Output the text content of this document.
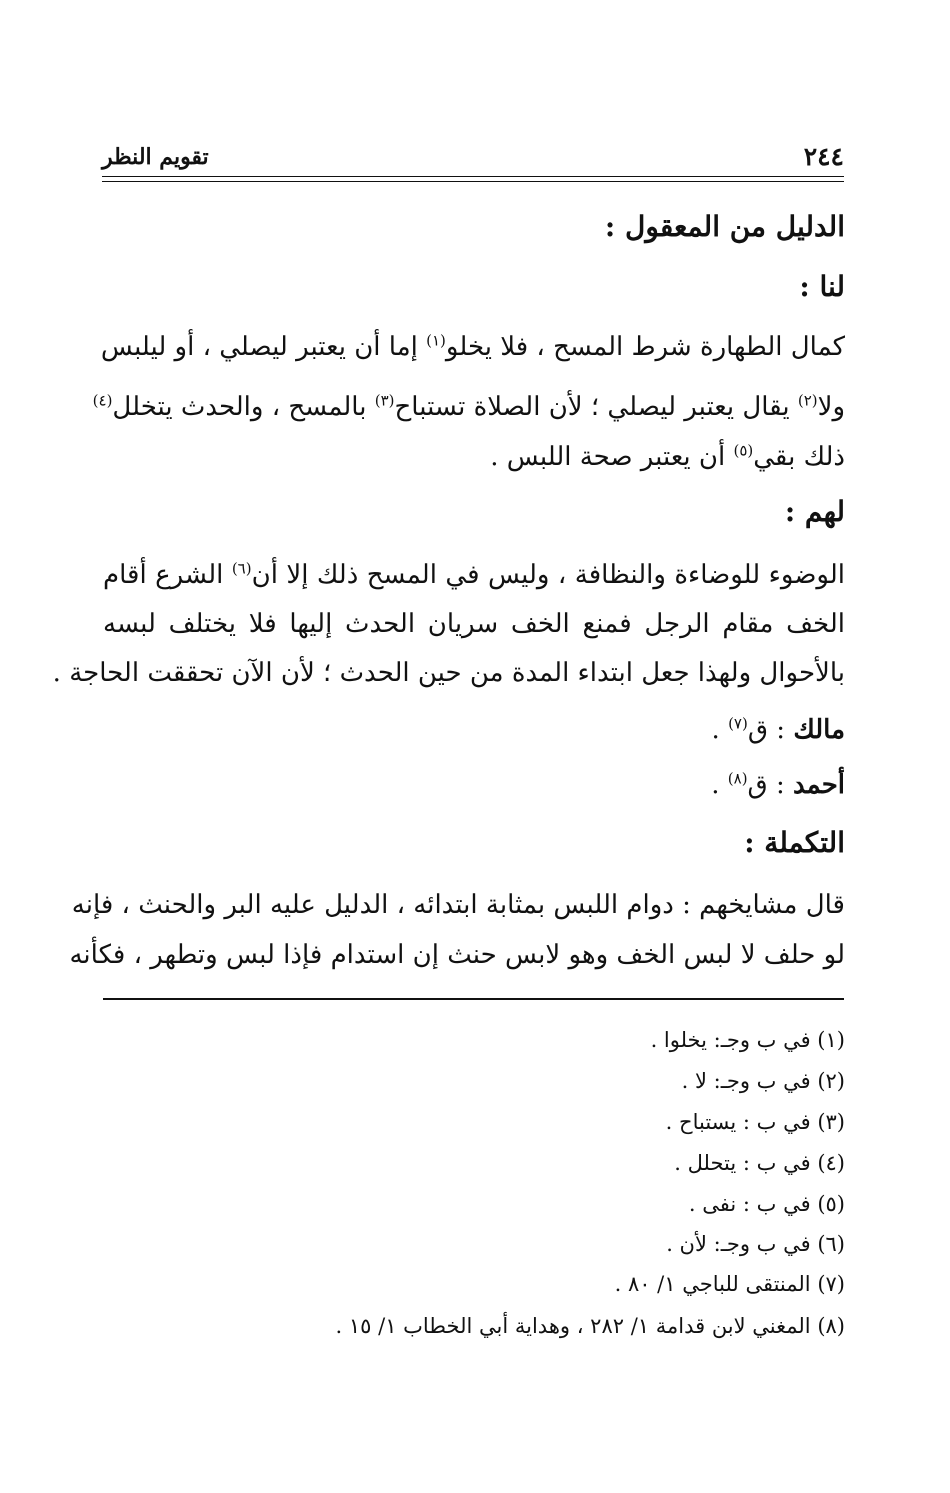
٢٤٤
تقويم النظر
الدليل من المعقول :
لنا :
كمال الطهارة شرط المسح ، فلا يخلو$^{(١)}$ إما أن يعتبر ليصلي ، أو ليلبس
ولا$^{(٢)}$ يقال يعتبر ليصلي ؛ لأن الصلاة تستباح$^{(٣)}$ بالمسح ، والحدث يتخلل$^{(٤)}$
ذلك بقي$^{(٥)}$ أن يعتبر صحة اللبس .
لهم :
الوضوء للوضاءة والنظافة ، وليس في المسح ذلك إلا أن$^{(٦)}$ الشرع أقام
الخف مقام الرجل فمنع الخف سريان الحدث إليها فلا يختلف لبسه
بالأحوال ولهذا جعل ابتداء المدة من حين الحدث ؛ لأن الآن تحققت الحاجة .
مالك : ق$^{(٧)}$ .
أحمد : ق$^{(٨)}$ .
التكملة :
قال مشايخهم : دوام اللبس بمثابة ابتدائه ، الدليل عليه البر والحنث ، فإنه
لو حلف لا لبس الخف وهو لابس حنث إن استدام فإذا لبس وتطهر ، فكأنه
(١) في ب وجـ: يخلوا .
(٢) في ب وجـ: لا .
(٣) في ب : يستباح .
(٤) في ب : يتحلل .
(٥) في ب : نفى .
(٦) في ب وجـ: لأن .
(٧) المنتقى للباجي ١/ ٨٠ .
(٨) المغني لابن قدامة ١/ ٢٨٢ ، وهداية أبي الخطاب ١/ ١٥ .
